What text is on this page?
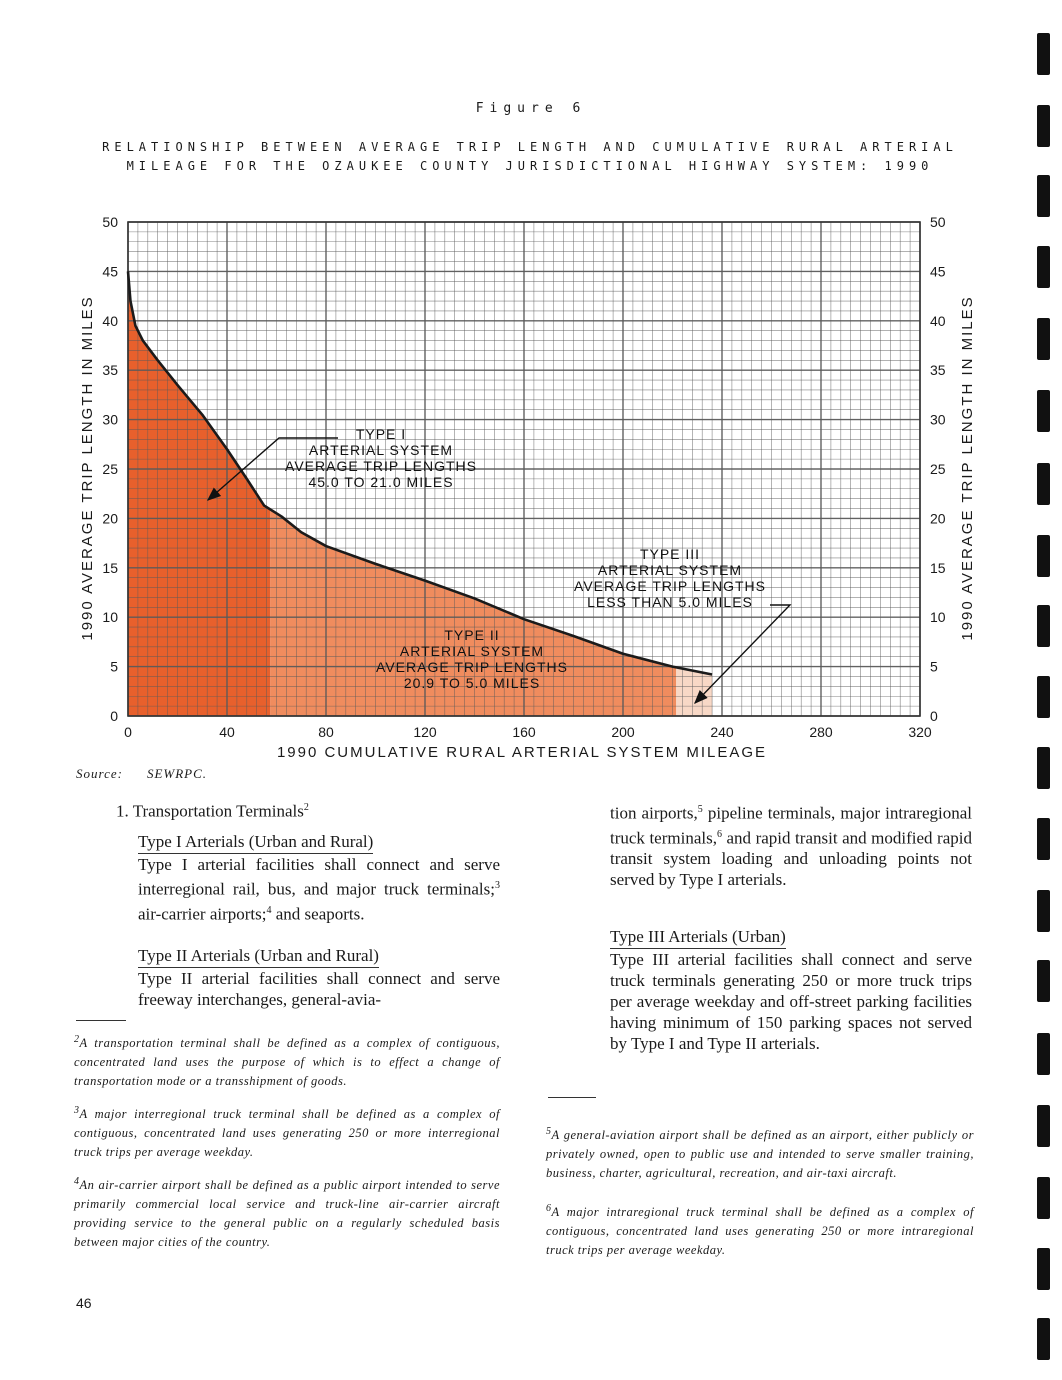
Figure 6
RELATIONSHIP BETWEEN AVERAGE TRIP LENGTH AND CUMULATIVE RURAL ARTERIAL
MILEAGE FOR THE OZAUKEE COUNTY JURISDICTIONAL HIGHWAY SYSTEM: 1990
0	40	80	120	160	200	240	280	320
0	0
5	5
10	10
15	15
20	20
25	25
30	30
35	35
40	40
45	45
50	50
TYPE I
ARTERIAL SYSTEM
AVERAGE TRIP LENGTHS
45.0 TO 21.0 MILES
TYPE II
ARTERIAL SYSTEM
AVERAGE TRIP LENGTHS
20.9 TO 5.0 MILES
TYPE III
ARTERIAL SYSTEM
AVERAGE TRIP LENGTHS
LESS THAN 5.0 MILES
1990 CUMULATIVE RURAL ARTERIAL SYSTEM MILEAGE
1990 AVERAGE TRIP LENGTH IN MILES	1990 AVERAGE TRIP LENGTH IN MILES
Source: SEWRPC.
1. Transportation Terminals$^2$
Type I Arterials (Urban and Rural)

Type I arterial facilities shall connect and serve interregional rail, bus, and major truck terminals;$^3$ air-carrier airports;$^4$ and seaports.

Type II Arterials (Urban and Rural)

Type II arterial facilities shall connect and serve freeway interchanges, general-avia-

$^2$A transportation terminal shall be defined as a complex of contiguous, concentrated land uses the purpose of which is to effect a change of transportation mode or a transshipment of goods.

$^3$A major interregional truck terminal shall be defined as a complex of contiguous, concentrated land uses generating 250 or more interregional truck trips per average weekday.

$^4$An air-carrier airport shall be defined as a public airport intended to serve primarily commercial local service and truck-line air-carrier aircraft providing service to the general public on a regularly scheduled basis between major cities of the country.

tion airports,$^5$ pipeline terminals, major intraregional truck terminals,$^6$ and rapid transit and modified rapid transit system loading and unloading points not served by Type I arterials.

Type III Arterials (Urban)

Type III arterial facilities shall connect and serve truck terminals generating 250 or more truck trips per average weekday and off-street parking facilities having minimum of 150 parking spaces not served by Type I and Type II arterials.

$^5$A general-aviation airport shall be defined as an airport, either publicly or privately owned, open to public use and intended to serve smaller training, business, charter, agricultural, recreation, and air-taxi aircraft.

$^6$A major intraregional truck terminal shall be defined as a complex of contiguous, concentrated land uses generating 250 or more intraregional truck trips per average weekday.

46
